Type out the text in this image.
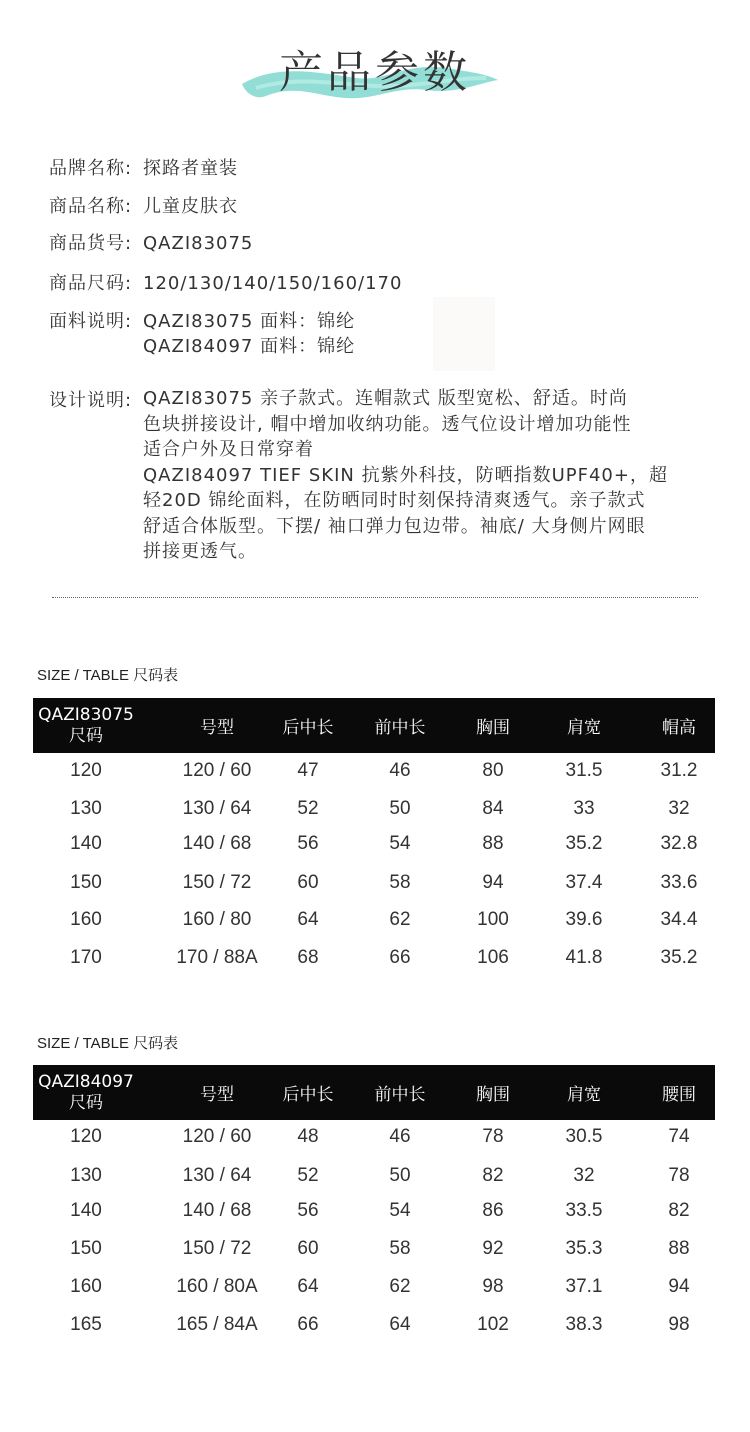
产品参数
品牌名称: 探路者童装
商品名称: 儿童皮肤衣
商品货号: QAZI83075
商品尺码: 120/130/140/150/160/170
面料说明: QAZI83075 面料：锦纶
QAZI84097 面料：锦纶
设计说明: QAZI83075 亲子款式。连帽款式 版型宽松、舒适。时尚
色块拼接设计, 帽中增加收纳功能。透气位设计增加功能性
适合户外及日常穿着
QAZI84097 TIEF SKIN 抗紫外科技，防晒指数UPF40+，超
轻20D 锦纶面料，在防晒同时时刻保持清爽透气。亲子款式
舒适合体版型。下摆/ 袖口弹力包边带。袖底/ 大身侧片网眼
拼接更透气。
SIZE / TABLE 尺码表
QAZI83075
尺码	号型	后中长	前中长	胸围	肩宽	帽高
120	120 / 60	47	46	80	31.5	31.2
130	130 / 64	52	50	84	33	32
140	140 / 68	56	54	88	35.2	32.8
150	150 / 72	60	58	94	37.4	33.6
160	160 / 80	64	62	100	39.6	34.4
170	170 / 88A	68	66	106	41.8	35.2
SIZE / TABLE 尺码表
QAZI84097
尺码	号型	后中长	前中长	胸围	肩宽	腰围
120	120 / 60	48	46	78	30.5	74
130	130 / 64	52	50	82	32	78
140	140 / 68	56	54	86	33.5	82
150	150 / 72	60	58	92	35.3	88
160	160 / 80A	64	62	98	37.1	94
165	165 / 84A	66	64	102	38.3	98
